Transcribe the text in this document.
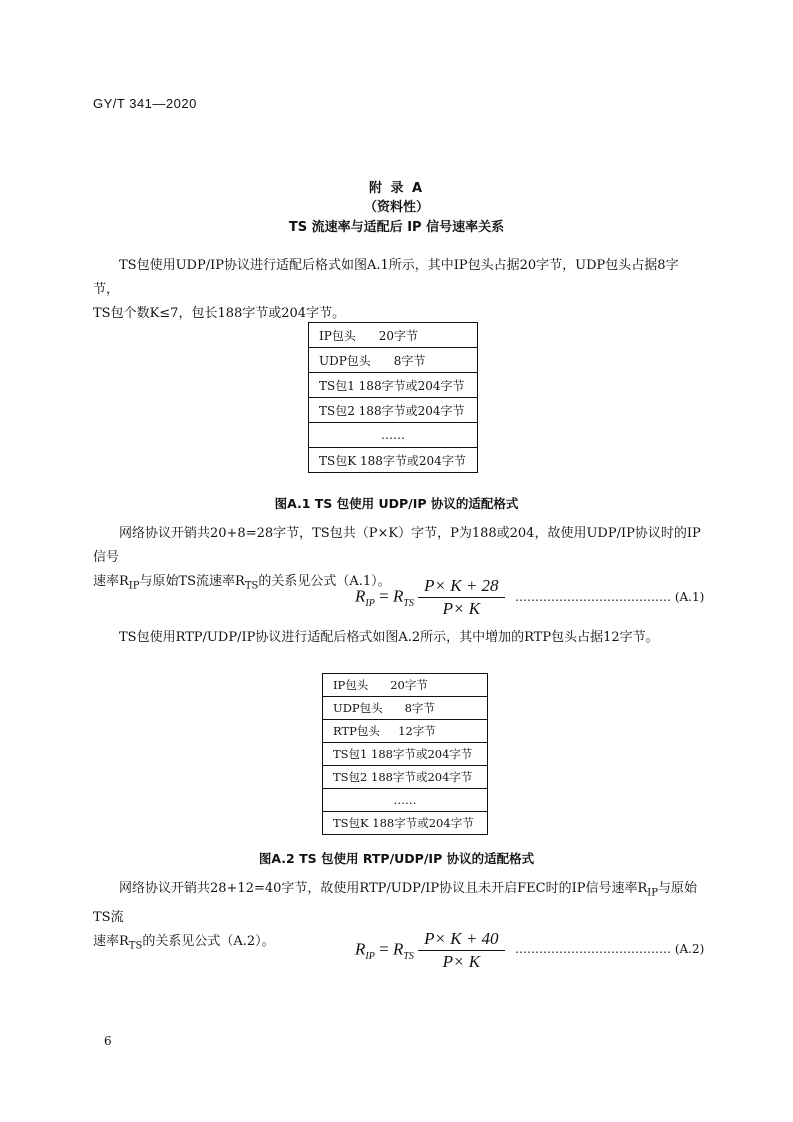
GY/T 341—2020
附 录 A
（资料性）
TS 流速率与适配后 IP 信号速率关系
TS包使用UDP/IP协议进行适配后格式如图A.1所示，其中IP包头占据20字节，UDP包头占据8字节，
TS包个数K≤7，包长188字节或204字节。
IP包头      20字节
UDP包头      8字节
TS包1 188字节或204字节
TS包2 188字节或204字节
……
TS包K 188字节或204字节
图A.1 TS 包使用 UDP/IP 协议的适配格式
网络协议开销共20+8=28字节，TS包共（P×K）字节，P为188或204，故使用UDP/IP协议时的IP信号
速率$R_{IP}$与原始TS流速率$R_{TS}$的关系见公式（A.1）。
$R_{IP} = R_{TS} \frac{P\times K + 28}{P\times K}$ ………………………………… (A.1)
TS包使用RTP/UDP/IP协议进行适配后格式如图A.2所示，其中增加的RTP包头占据12字节。
IP包头      20字节
UDP包头      8字节
RTP包头     12字节
TS包1 188字节或204字节
TS包2 188字节或204字节
……
TS包K 188字节或204字节
图A.2 TS 包使用 RTP/UDP/IP 协议的适配格式
网络协议开销共28+12=40字节，故使用RTP/UDP/IP协议且未开启FEC时的IP信号速率$R_{IP}$与原始TS流
速率$R_{TS}$的关系见公式（A.2）。	$R_{IP} = R_{TS} \frac{P\times K + 40}{P\times K}$ ………………………………… (A.2)
6
